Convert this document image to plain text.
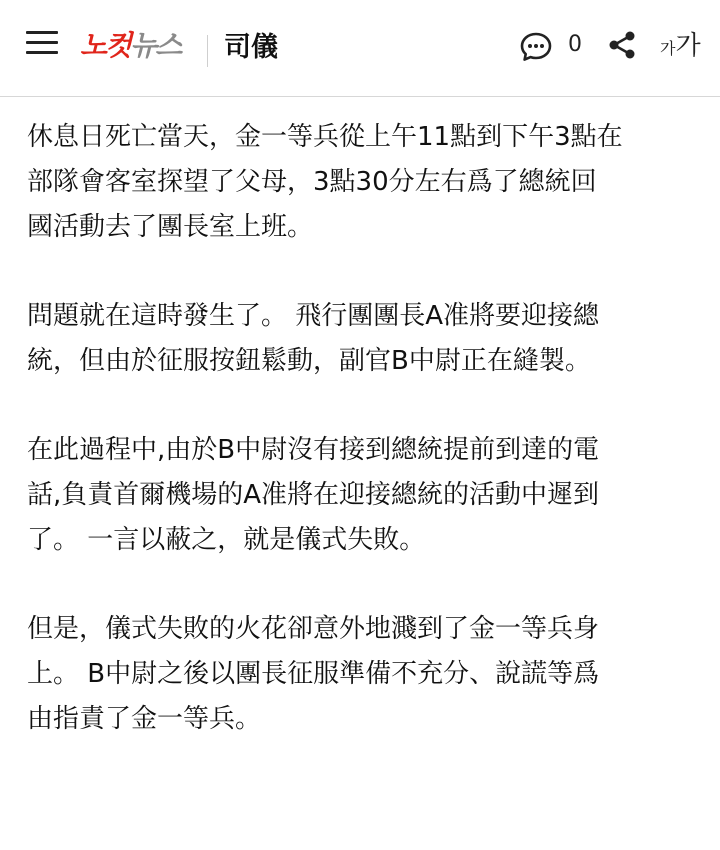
노컷뉴스 司儀	0	가가

休息日死亡當天，金一等兵從上午11點到下午3點在
部隊會客室探望了父母，3點30分左右爲了總統回
國活動去了團長室上班。

問題就在這時發生了。 飛行團團長A准將要迎接總
統，但由於征服按鈕鬆動，副官B中尉正在縫製。

在此過程中,由於B中尉沒有接到總統提前到達的電
話,負責首爾機場的A准將在迎接總統的活動中遲到
了。 一言以蔽之，就是儀式失敗。

但是，儀式失敗的火花卻意外地濺到了金一等兵身
上。 B中尉之後以團長征服準備不充分、說謊等爲
由指責了金一等兵。
